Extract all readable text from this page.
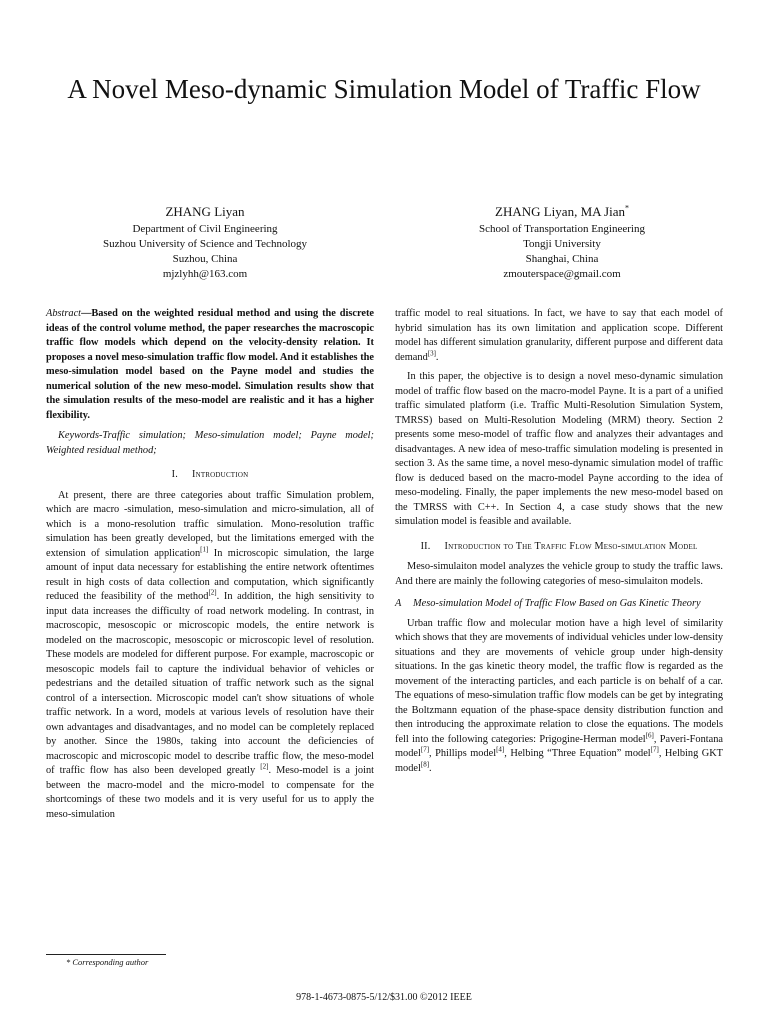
A Novel Meso-dynamic Simulation Model of Traffic Flow
ZHANG Liyan
Department of Civil Engineering
Suzhou University of Science and Technology
Suzhou, China
mjzlyhh@163.com
ZHANG Liyan, MA Jian*
School of Transportation Engineering
Tongji University
Shanghai, China
zmouterspace@gmail.com

Abstract—Based on the weighted residual method and using the discrete ideas of the control volume method, the paper researches the macroscopic traffic flow models which depend on the velocity-density relation. It proposes a novel meso-simulation traffic flow model. And it establishes the meso-simulation model based on the Payne model and studies the numerical solution of the new meso-model. Simulation results show that the simulation results of the meso-model are realistic and it has a higher flexibility.

Keywords-Traffic simulation; Meso-simulation model; Payne model; Weighted residual method;

I. Introduction

At present, there are three categories about traffic Simulation problem, which are macro -simulation, meso-simulation and micro-simulation, all of which is a mono-resolution traffic simulation. Mono-resolution traffic simulation has been greatly developed, but the limitations emerged with the extension of simulation application[1] In microscopic simulation, the large amount of input data necessary for establishing the entire network oftentimes result in high costs of data collection and computation, which significantly reduced the feasibility of the method[2]. In addition, the high sensitivity to input data increases the difficulty of road network modeling. In contrast, in macroscopic, mesoscopic or microscopic models, the entire network is modeled on the macroscopic, mesoscopic or microscopic level of resolution. These models are modeled for different purpose. For example, macroscopic or mesoscopic models fail to capture the individual behavior of vehicles or pedestrians and the detailed situation of traffic network such as the signal control of a intersection. Microscopic model can't show situations of whole traffic network. In a word, models at various levels of resolution have their own advantages and disadvantages, and no model can be completely replaced by another. Since the 1980s, taking into account the deficiencies of macroscopic and microscopic model to describe traffic flow, the meso-model of traffic flow has also been developed greatly [2]. Meso-model is a joint between the macro-model and the micro-model to compensate for the shortcomings of these two models and it is very useful for us to apply the meso-simulation

traffic model to real situations. In fact, we have to say that each model of hybrid simulation has its own limitation and application scope. Different model has different simulation granularity, different purpose and different data demand[3].

In this paper, the objective is to design a novel meso-dynamic simulation model of traffic flow based on the macro-model Payne. It is a part of a unified traffic simulated platform (i.e. Traffic Multi-Resolution Simulation System, TMRSS) based on Multi-Resolution Modeling (MRM) theory. Section 2 presents some meso-model of traffic flow and analyzes their advantages and disadvantages. A new idea of meso-traffic simulation modeling is presented in section 3. As the same time, a novel meso-dynamic simulation model of traffic flow is deduced based on the macro-model Payne according to the idea of meso-modeling. Finally, the paper implements the new meso-model based on the TMRSS with C++. In Section 4, a case study shows that the new simulation model is feasible and available.

II. Introduction to The Traffic Flow Meso-simulation Model

Meso-simulaiton model analyzes the vehicle group to study the traffic laws. And there are mainly the following categories of meso-simulaiton models.

A Meso-simulation Model of Traffic Flow Based on Gas Kinetic Theory

Urban traffic flow and molecular motion have a high level of similarity which shows that they are movements of individual vehicles under low-density situations and they are movements of vehicle group under high-density situations. In the gas kinetic theory model, the traffic flow is regarded as the movement of the interacting particles, and each particle is on behalf of a car. The equations of meso-simulation traffic flow models can be get by integrating the Boltzmann equation of the phase-space density distribution function and then introducing the approximate relation to close the equations. The models fell into the following categories: Prigogine-Herman model[6], Paveri-Fontana model[7], Phillips model[4], Helbing “Three Equation” model[7], Helbing GKT model[8].

* Corresponding author
978-1-4673-0875-5/12/$31.00 ©2012 IEEE
